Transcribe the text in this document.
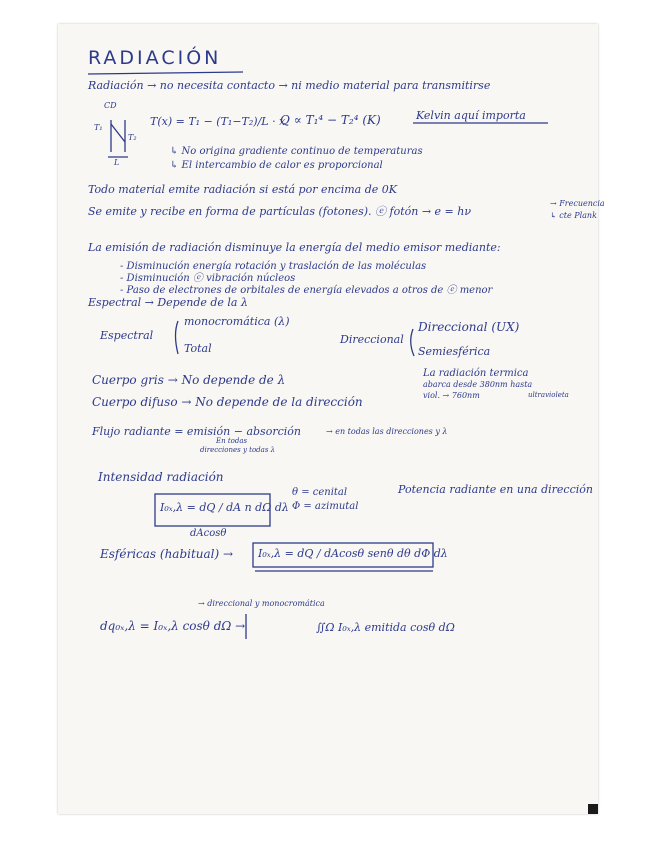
RADIACIÓN
Radiación → no necesita contacto → ni medio material para transmitirse
CD
T₁
T₂
L
T(x) = T₁ − (T₁−T₂)/L · x
Q ∝ T₁⁴ − T₂⁴ (K)	Kelvin aquí importa
↳ No origina gradiente continuo de temperaturas
↳ El intercambio de calor es proporcional
Todo material emite radiación si está por encima de 0K
Se emite y recibe en forma de partículas (fotones). ⓔ fotón → e = hν
→ Frecuencia
↳ cte Plank
La emisión de radiación disminuye la energía del medio emisor mediante:
- Disminución energía rotación y traslación de las moléculas
- Disminución ⓔ vibración núcleos
- Paso de electrones de orbitales de energía elevados a otros de ⓔ menor
Espectral → Depende de la λ
Espectral
monocromática (λ)
Total
Direccional
Direccional (UX)
Semiesférica
La radiación termica
abarca desde 380nm hasta
viol. → 760nm	ultravioleta
Cuerpo gris → No depende de λ
Cuerpo difuso → No depende de la dirección
Flujo radiante = emisión − absorción	→ en todas las direcciones y λ
En todas
direcciones y todas λ
Intensidad radiación
I₀ₓ,λ = dQ / dA n dΩ dλ
dAcosθ
θ = cenital
Φ = azimutal
Potencia radiante en una dirección
Esféricas (habitual) → I₀ₓ,λ = dQ / dAcosθ senθ dθ dΦ dλ
→ direccional y monocromática
dq₀ₓ,λ = I₀ₓ,λ cosθ dΩ →	∬Ω I₀ₓ,λ emitida cosθ dΩ
